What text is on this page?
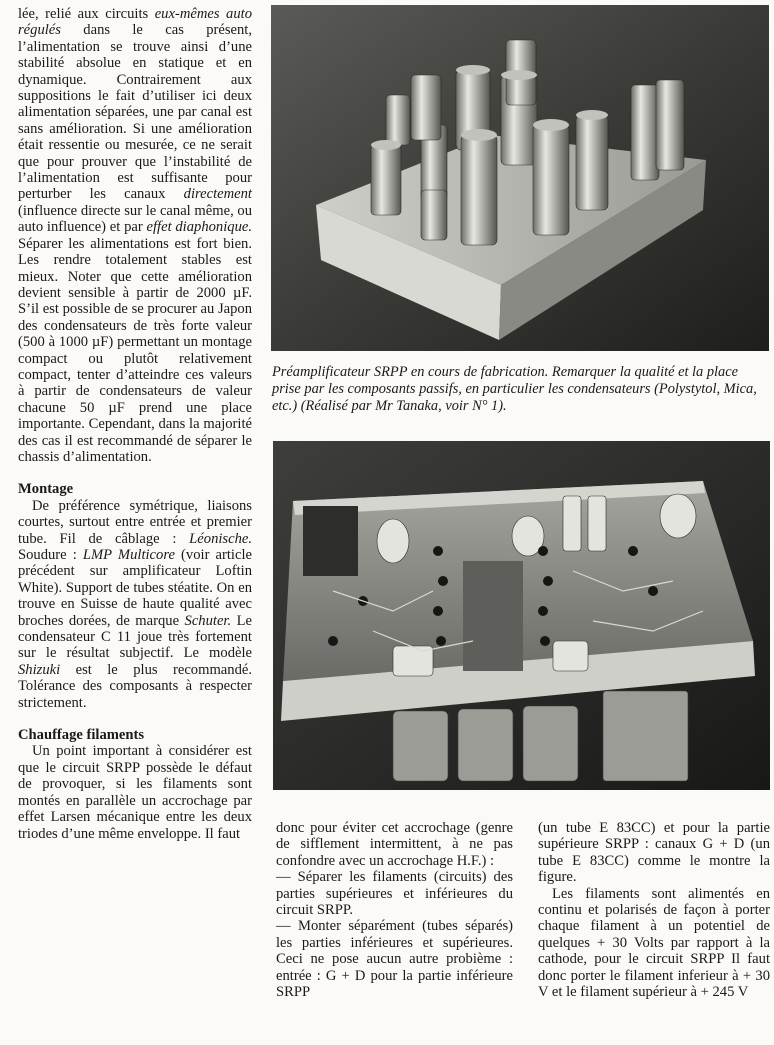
lée, relié aux circuits eux-mêmes auto régulés dans le cas présent, l’alimentation se trouve ainsi d’une stabilité absolue en statique et en dynamique. Contrairement aux suppositions le fait d’utiliser ici deux alimentation séparées, une par canal est sans amélioration. Si une amélioration était ressentie ou mesurée, ce ne serait que pour prouver que l’instabilité de l’alimentation est suffisante pour perturber les canaux directement (influence directe sur le canal même, ou auto influence) et par effet diaphonique. Séparer les alimentations est fort bien. Les rendre totalement stables est mieux. Noter que cette amélioration devient sensible à partir de 2000 µF. S’il est possible de se procurer au Japon des condensateurs de très forte valeur (500 à 1000 µF) permettant un montage compact ou plutôt relativement compact, tenter d’atteindre ces valeurs à partir de condensateurs de valeur chacune 50 µF prend une place importante. Cependant, dans la majorité des cas il est recommandé de séparer le chassis d’alimentation.

Montage

De préférence symétrique, liaisons courtes, surtout entre entrée et premier tube. Fil de câblage : Léonische. Soudure : LMP Multicore (voir article précédent sur amplificateur Loftin White). Support de tubes stéatite. On en trouve en Suisse de haute qualité avec broches dorées, de marque Schuter. Le condensateur C 11 joue très fortement sur le résultat subjectif. Le modèle Shizuki est le plus recommandé. Tolérance des composants à respecter strictement.

Chauffage filaments

Un point important à considérer est que le circuit SRPP possède le défaut de provoquer, si les filaments sont montés en parallèle un accrochage par effet Larsen mécanique entre les deux triodes d’une même enveloppe. Il faut

Préamplificateur SRPP en cours de fabrication. Remarquer la qualité et la place prise par les composants passifs, en particulier les condensateurs (Polystytol, Mica, etc.) (Réalisé par Mr Tanaka, voir N° 1).

donc pour éviter cet accrochage (genre de sifflement intermittent, à ne pas confondre avec un accrochage H.F.) :

— Séparer les filaments (circuits) des parties supérieures et inférieures du circuit SRPP.

— Monter séparément (tubes séparés) les parties inférieures et supérieures. Ceci ne pose aucun autre probième : entrée : G + D pour la partie inférieure SRPP

(un tube E 83CC) et pour la partie supérieure SRPP : canaux G + D (un tube E 83CC) comme le montre la figure.

Les filaments sont alimentés en continu et polarisés de façon à porter chaque filament à un potentiel de quelques + 30 Volts par rapport à la cathode, pour le circuit SRPP Il faut donc porter le filament inferieur à + 30 V et le filament supérieur à + 245 V
